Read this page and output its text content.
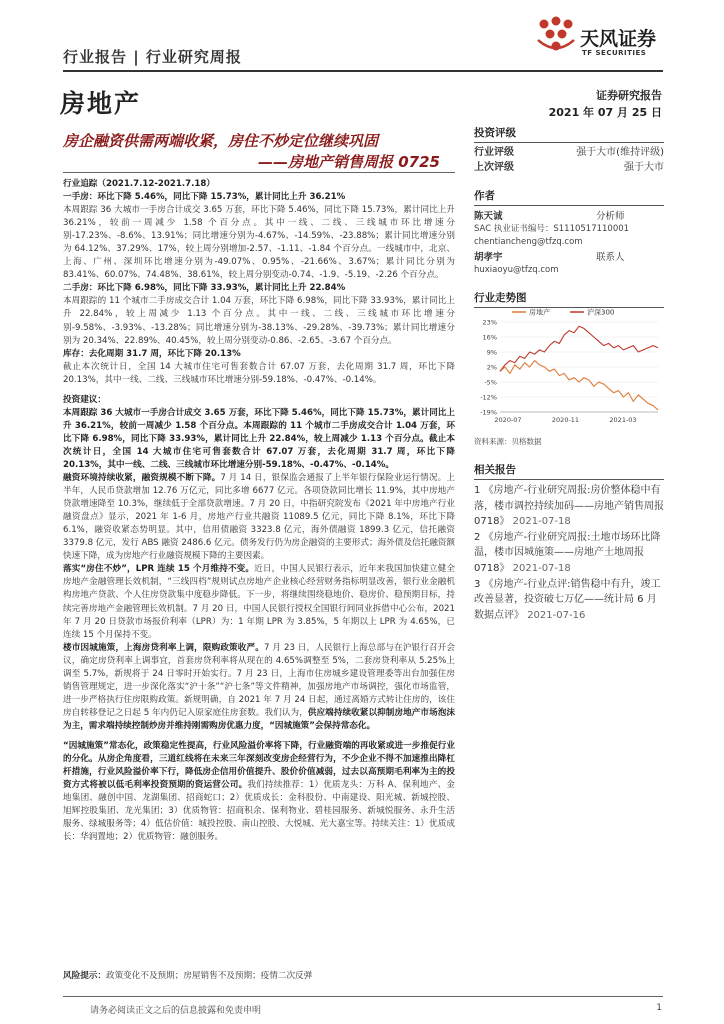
行业报告 | 行业研究周报
天风证券
TF SECURITIES
房地产	证券研究报告
2021 年 07 月 25 日
房企融资供需两端收紧，房住不炒定位继续巩固
——房地产销售周报 0725

行业追踪（2021.7.12-2021.7.18）

一手房：环比下降 5.46%，同比下降 15.73%，累计同比上升 36.21%

本周跟踪 36 大城市一手房合计成交 3.65 万套，环比下降 5.46%，同比下降 15.73%，累计同比上升 36.21%，较前一周减少 1.58 个百分点。其中一线、二线、三线城市环比增速分别-17.23%、-8.6%、13.91%；同比增速分别为-4.67%、-14.59%、-23.88%；累计同比增速分别为 64.12%、37.29%、17%，较上周分别增加-2.57、-1.11、-1.84 个百分点。一线城市中，北京、上海、广州、深圳环比增速分别为-49.07%、0.95%、-21.66%、3.67%；累计同比分别为 83.41%、60.07%、74.48%、38.61%，较上周分别变动-0.74、-1.9、-5.19、-2.26 个百分点。

二手房：环比下降 6.98%，同比下降 33.93%，累计同比上升 22.84%

本周跟踪的 11 个城市二手房成交合计 1.04 万套，环比下降 6.98%，同比下降 33.93%，累计同比上升 22.84%，较上周减少 1.13 个百分点。其中一线、二线、三线城市环比增速分别-9.58%、-3.93%、-13.28%；同比增速分别为-38.13%、-29.28%、-39.73%；累计同比增速分别为 20.34%、22.89%、40.45%，较上周分别变动-0.86、-2.65、-3.67 个百分点。

库存：去化周期 31.7 周，环比下降 20.13%

截止本次统计日，全国 14 大城市住宅可售套数合计 67.07 万套，去化周期 31.7 周，环比下降 20.13%，其中一线、二线、三线城市环比增速分别-59.18%、-0.47%、-0.14%。

投资建议：

本周跟踪 36 大城市一手房合计成交 3.65 万套，环比下降 5.46%，同比下降 15.73%，累计同比上升 36.21%，较前一周减少 1.58 个百分点。本周跟踪的 11 个城市二手房成交合计 1.04 万套，环比下降 6.98%，同比下降 33.93%，累计同比上升 22.84%，较上周减少 1.13 个百分点。截止本次统计日，全国 14 大城市住宅可售套数合计 67.07 万套，去化周期 31.7 周，环比下降 20.13%，其中一线、二线、三线城市环比增速分别-59.18%、-0.47%、-0.14%。

融资环境持续收紧，融资规模不断下降。7 月 14 日，银保监会通报了上半年银行保险业运行情况。上半年，人民币贷款增加 12.76 万亿元，同比多增 6677 亿元。各项贷款同比增长 11.9%，其中房地产贷款增速降至 10.3%，继续低于全部贷款增速。7 月 20 日，中指研究院发布《2021 年中房地产行业融资盘点》显示，2021 年 1-6 月，房地产行业共融资 11089.5 亿元，同比下降 8.1%，环比下降 6.1%，融资收紧态势明显。其中，信用债融资 3323.8 亿元，海外债融资 1899.3 亿元，信托融资 3379.8 亿元，发行 ABS 融资 2486.6 亿元。债务发行仍为房企融资的主要形式；海外债及信托融资额快速下降，成为房地产行业融资规模下降的主要因素。

落实“房住不炒”，LPR 连续 15 个月维持不变。近日，中国人民银行表示，近年来我国加快建立健全房地产金融管理长效机制，“三线四档”规则试点房地产企业核心经营财务指标明显改善，银行业金融机构房地产贷款、个人住房贷款集中度稳步降低。下一步，将继续围绕稳地价、稳房价、稳预期目标，持续完善房地产金融管理长效机制。7 月 20 日，中国人民银行授权全国银行间同业拆借中心公布，2021 年 7 月 20 日贷款市场报价利率（LPR）为：1 年期 LPR 为 3.85%，5 年期以上 LPR 为 4.65%，已连续 15 个月保持不变。

楼市因城施策，上海房贷利率上调，限购政策收严。7 月 23 日，人民银行上海总部与在沪银行召开会议，确定房贷利率上调事宜，首套房贷利率将从现在的 4.65%调整至 5%，二套房贷利率从 5.25%上调至 5.7%，新规将于 24 日零时开始实行。7 月 23 日，上海市住房城乡建设管理委等出台加强住房销售管理规定，进一步深化落实“沪十条”“沪七条”等文件精神，加强房地产市场调控，强化市场监管，进一步严格执行住房限购政策。新规明确，自 2021 年 7 月 24 日起，通过离婚方式转让住房的，该住房自转移登记之日起 5 年内仍记入原家庭住房套数。我们认为，供应端持续收紧以抑制房地产市场泡沫为主，需求端持续控制炒房并维持刚需购房优惠力度，“因城施策”会保持常态化。

“因城施策”常态化，政策稳定性提高，行业风险溢价率将下降，行业融资端的再收紧或进一步推促行业的分化。从房企角度看，三道红线将在未来三年深刻改变房企经营行为，不少企业不得不加速推出降杠杆措施，行业风险溢价率下行，降低房企信用价值提升、股价价值减弱，过去以高预期毛利率为主的投资方式将被以低毛利率投资预期的资运营公司。我们持续推荐：1）优质龙头：万科 A、保利地产、金地集团、融创中国、龙湖集团、招商蛇口；2）优质成长：金科股份、中南建设、阳光城、新城控股、旭辉控股集团、龙光集团；3）优质物管：招商积余、保利物业、碧桂园服务、新城悦服务、永升生活服务、绿城服务等；4）低估价值：城投控股、南山控股、大悦城、光大嘉宝等。持续关注：1）优质成长：华润置地；2）优质物管：融创服务。

风险提示：政策变化不及预期；房屋销售不及预期；疫情二次反弹
投资评级
行业评级	强于大市(维持评级)
上次评级	强于大市
作者
陈天诚	分析师
SAC 执业证书编号：S1110517110001
chentiancheng@tfzq.com
胡孝宇	联系人
huxiaoyu@tfzq.com
行业走势图
房地产	沪深300
23%
16%
9%
2%
-5%
-12%
-19%
2020-07	2020-11	2021-03
资料来源：贝格数据
相关报告
1 《房地产-行业研究周报:房价整体稳中有落，楼市调控持续加码——房地产销售周报 0718》 2021-07-18
2 《房地产-行业研究周报:土地市场环比降温，楼市因城施策——房地产土地周报 0718》 2021-07-18
3 《房地产-行业点评:销售稳中有升，竣工改善显著，投资破七万亿——统计局 6 月数据点评》 2021-07-16
请务必阅读正文之后的信息披露和免责申明	1
